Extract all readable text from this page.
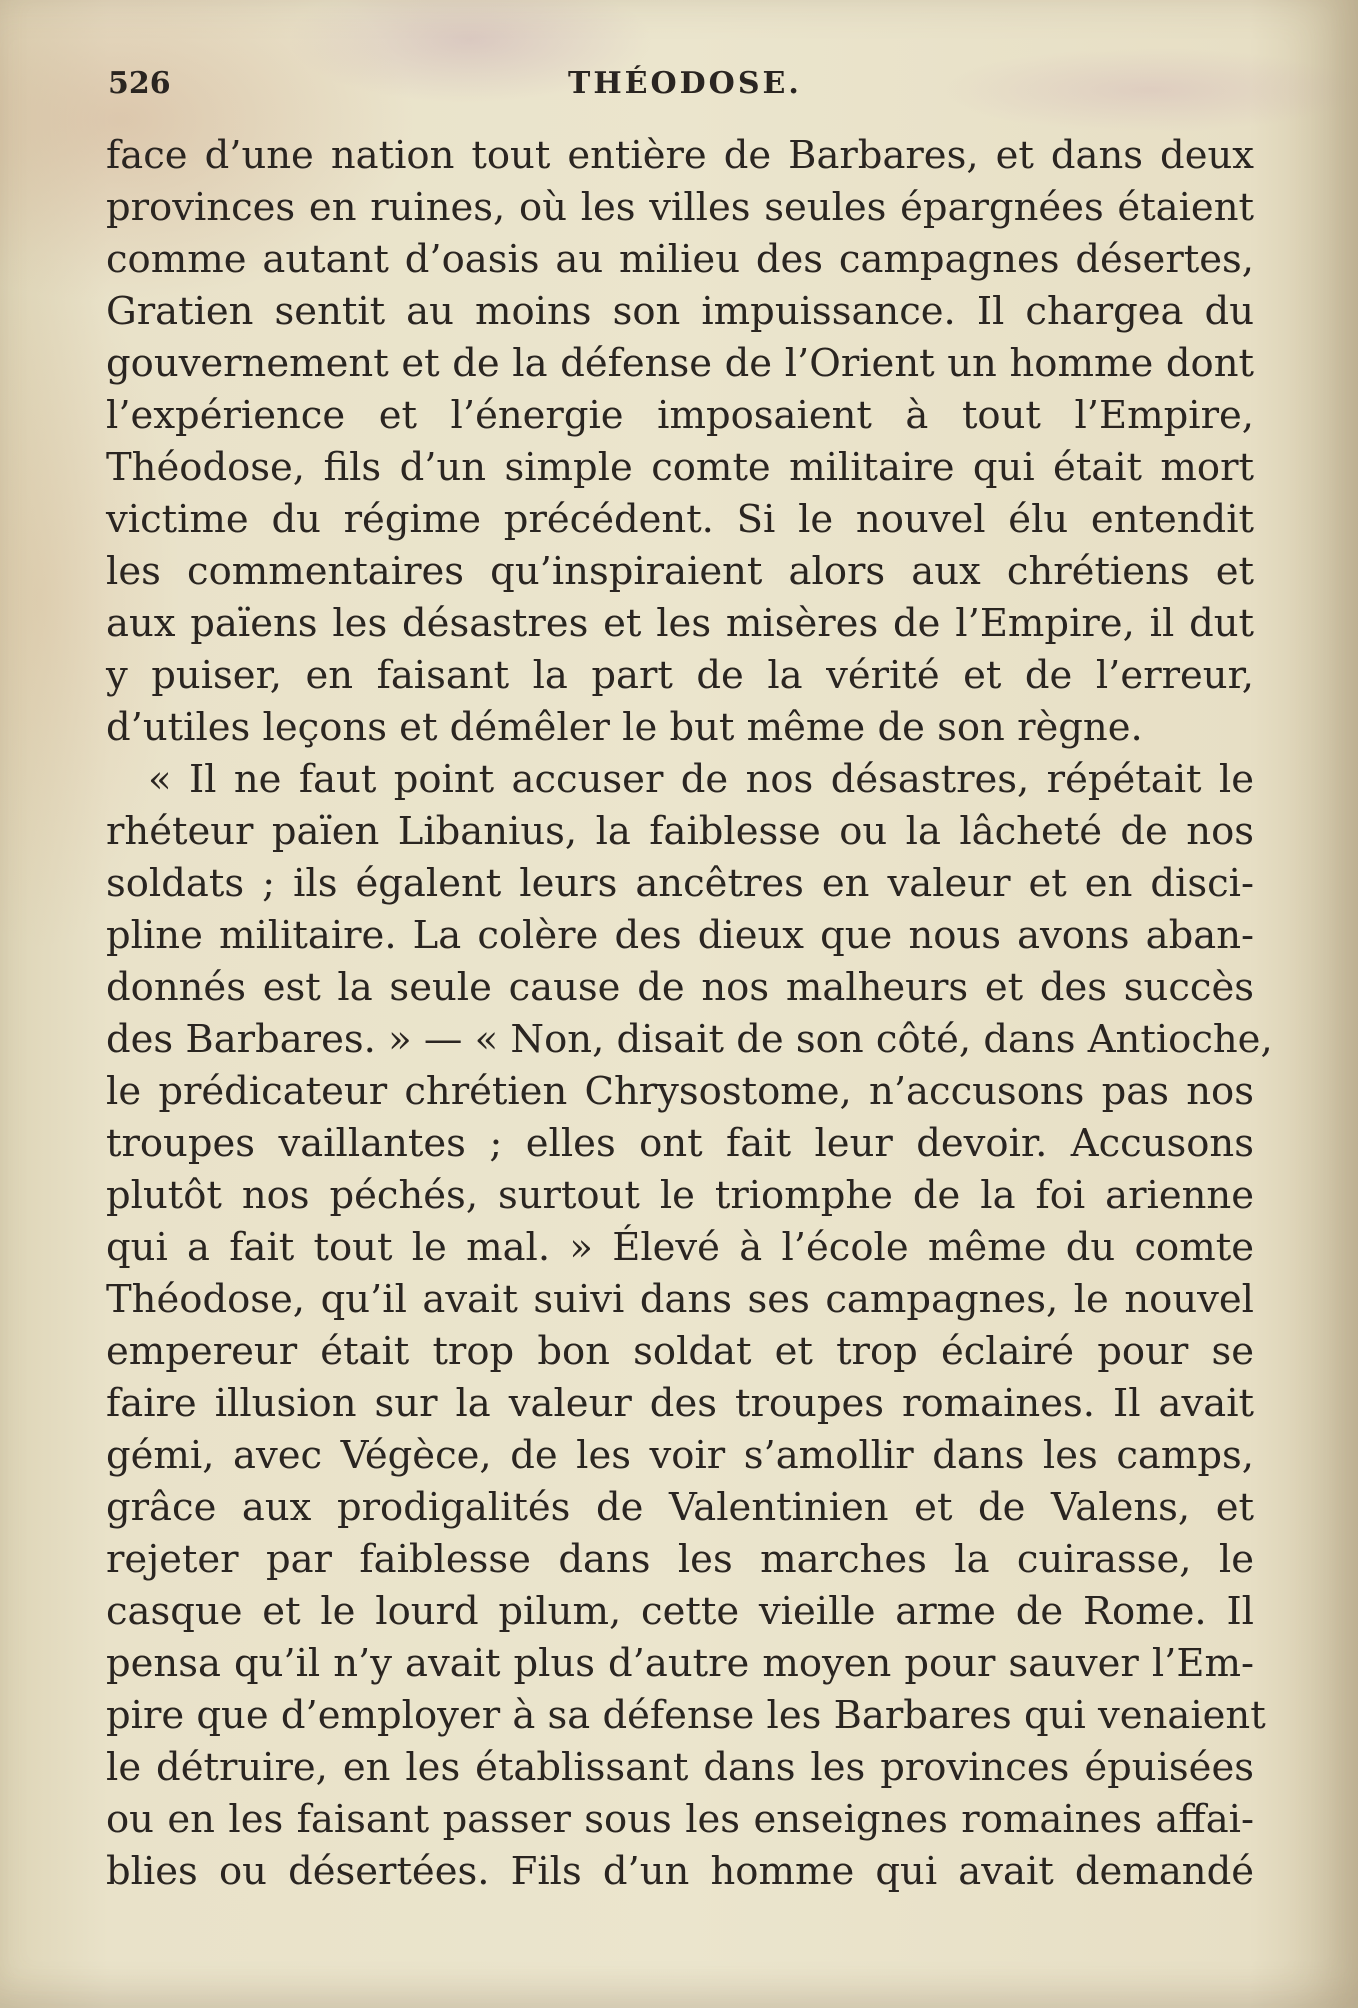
526	THÉODOSE.
face d’une nation tout entière de Barbares, et dans deux
provinces en ruines, où les villes seules épargnées étaient
comme autant d’oasis au milieu des campagnes désertes,
Gratien sentit au moins son impuissance. Il chargea du
gouvernement et de la défense de l’Orient un homme dont
l’expérience et l’énergie imposaient à tout l’Empire,
Théodose, fils d’un simple comte militaire qui était mort
victime du régime précédent. Si le nouvel élu entendit
les commentaires qu’inspiraient alors aux chrétiens et
aux païens les désastres et les misères de l’Empire, il dut
y puiser, en faisant la part de la vérité et de l’erreur,
d’utiles leçons et démêler le but même de son règne.
« Il ne faut point accuser de nos désastres, répétait le
rhéteur païen Libanius, la faiblesse ou la lâcheté de nos
soldats ; ils égalent leurs ancêtres en valeur et en disci-
pline militaire. La colère des dieux que nous avons aban-
donnés est la seule cause de nos malheurs et des succès
des Barbares. » — « Non, disait de son côté, dans Antioche,
le prédicateur chrétien Chrysostome, n’accusons pas nos
troupes vaillantes ; elles ont fait leur devoir. Accusons
plutôt nos péchés, surtout le triomphe de la foi arienne
qui a fait tout le mal. » Élevé à l’école même du comte
Théodose, qu’il avait suivi dans ses campagnes, le nouvel
empereur était trop bon soldat et trop éclairé pour se
faire illusion sur la valeur des troupes romaines. Il avait
gémi, avec Végèce, de les voir s’amollir dans les camps,
grâce aux prodigalités de Valentinien et de Valens, et
rejeter par faiblesse dans les marches la cuirasse, le
casque et le lourd pilum, cette vieille arme de Rome. Il
pensa qu’il n’y avait plus d’autre moyen pour sauver l’Em-
pire que d’employer à sa défense les Barbares qui venaient
le détruire, en les établissant dans les provinces épuisées
ou en les faisant passer sous les enseignes romaines affai-
blies ou désertées. Fils d’un homme qui avait demandé
